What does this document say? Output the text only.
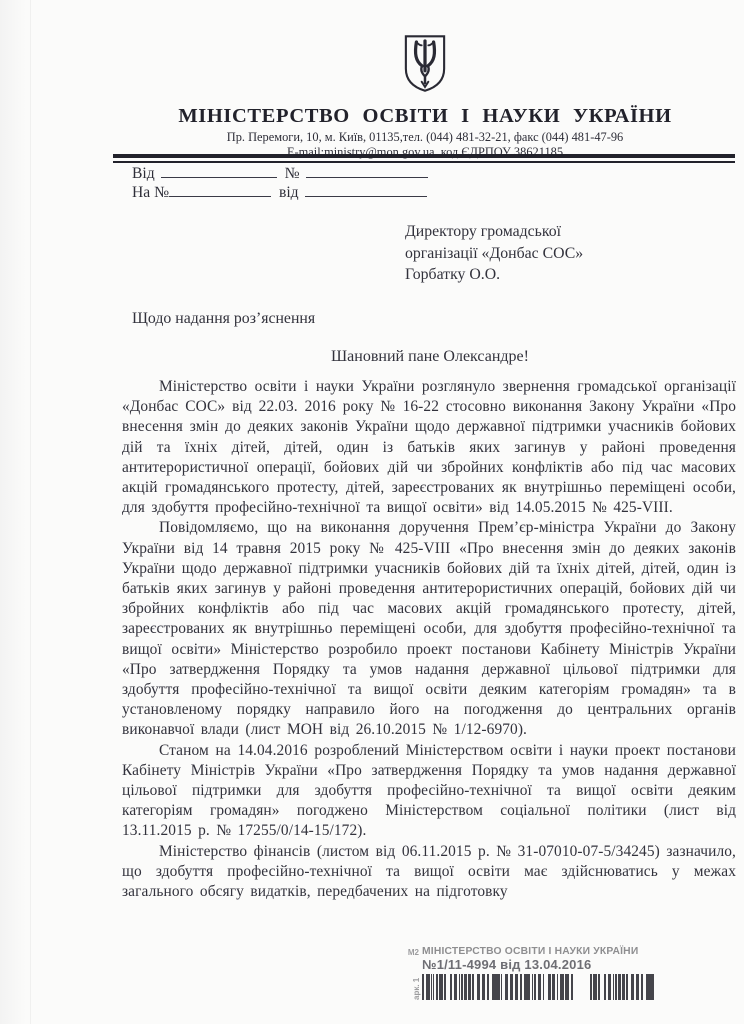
МІНІСТЕРСТВО ОСВІТИ І НАУКИ УКРАЇНИ
Пр. Перемоги, 10, м. Київ, 01135,тел. (044) 481-32-21, факс (044) 481-47-96
E-mail:ministry@mon.gov.ua, код ЄДРПОУ 38621185
Від	№
На №	від
Директору громадської
організації «Донбас СОС»
Горбатку О.О.
Щодо надання роз’яснення
Шановний пане Олександре!

Міністерство освіти і науки України розглянуло звернення громадської організації «Донбас СОС» від 22.03. 2016 року № 16-22 стосовно виконання Закону України «Про внесення змін до деяких законів України щодо державної підтримки учасників бойових дій та їхніх дітей, дітей, один із батьків яких загинув у районі проведення антитерористичної операції, бойових дій чи збройних конфліктів або під час масових акцій громадянського протесту, дітей, зареєстрованих як внутрішньо переміщені особи, для здобуття професійно-технічної та вищої освіти» від 14.05.2015 № 425-VIII.

Повідомляємо, що на виконання доручення Прем’єр-міністра України до Закону України від 14 травня 2015 року № 425-VIII «Про внесення змін до деяких законів України щодо державної підтримки учасників бойових дій та їхніх дітей, дітей, один із батьків яких загинув у районі проведення антитерористичних операцій, бойових дій чи збройних конфліктів або під час масових акцій громадянського протесту, дітей, зареєстрованих як внутрішньо переміщені особи, для здобуття професійно-технічної та вищої освіти» Міністерство розробило проект постанови Кабінету Міністрів України «Про затвердження Порядку та умов надання державної цільової підтримки для здобуття професійно-технічної та вищої освіти деяким категоріям громадян» та в установленому порядку направило його на погодження до центральних органів виконавчої влади (лист МОН від 26.10.2015 № 1/12-6970).

Станом на 14.04.2016 розроблений Міністерством освіти і науки проект постанови Кабінету Міністрів України «Про затвердження Порядку та умов надання державної цільової підтримки для здобуття професійно-технічної та вищої освіти деяким категоріям громадян» погоджено Міністерством соціальної політики (лист від 13.11.2015 р. № 17255/0/14-15/172).

Міністерство фінансів (листом від 06.11.2015 р. № 31-07010-07-5/34245) зазначило, що здобуття професійно-технічної та вищої освіти має здійснюватись у межах загального обсягу видатків, передбачених на підготовку

М2 МІНІСТЕРСТВО ОСВІТИ І НАУКИ УКРАЇНИ
№1/11-4994 від 13.04.2016
арк. 1
